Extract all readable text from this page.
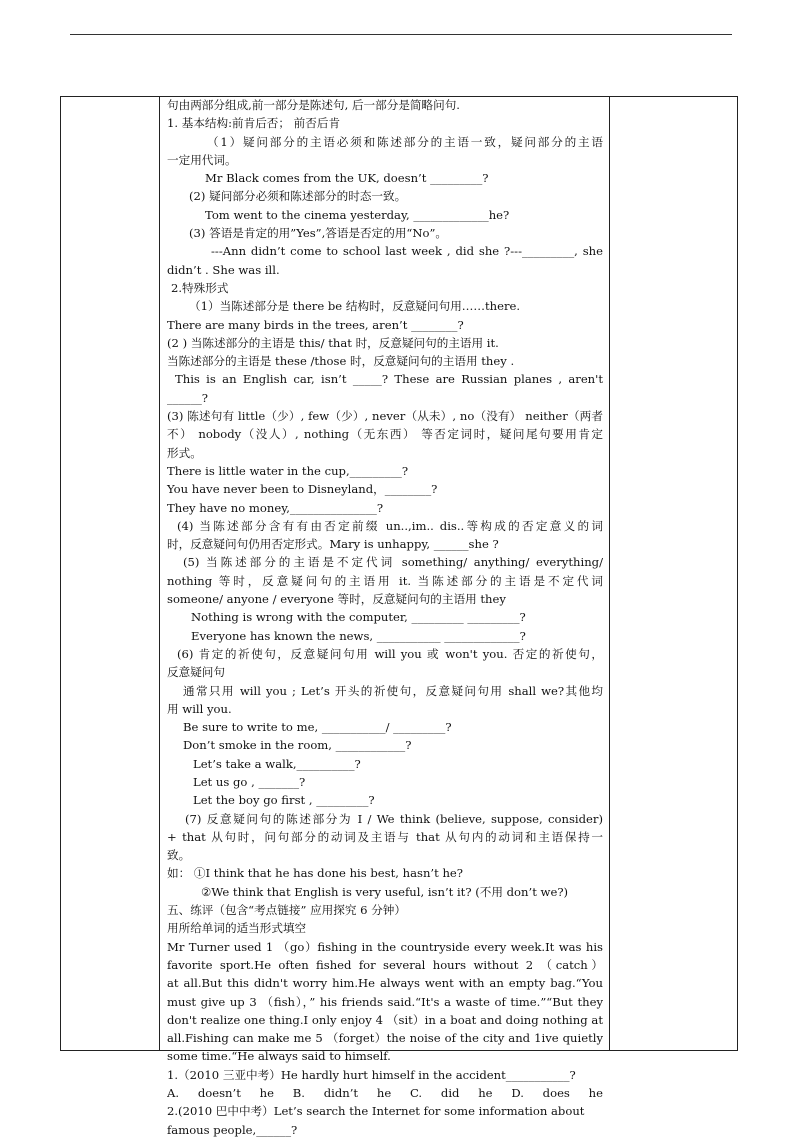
句由两部分组成,前一部分是陈述句, 后一部分是简略问句.
1. 基本结构:前肯后否； 前否后肯
（1）疑问部分的主语必须和陈述部分的主语一致，疑问部分的主语
一定用代词。
Mr Black comes from the UK, doesn’t _________?
(2) 疑问部分必须和陈述部分的时态一致。
Tom went to the cinema yesterday, _____________he?
(3) 答语是肯定的用”Yes”,答语是否定的用“No”。
---Ann didn’t come to school last week , did she ?---_________, she
didn’t . She was ill.
2.特殊形式
（1）当陈述部分是 there be 结构时，反意疑问句用……there.
There are many birds in the trees, aren’t ________?
(2 ) 当陈述部分的主语是 this/ that 时，反意疑问句的主语用 it.
当陈述部分的主语是 these /those 时，反意疑问句的主语用 they .
This is an English car, isn’t _____? These are Russian planes , aren't
______?
(3) 陈述句有 little（少）, few（少）, never（从未）, no（没有） neither（两者
不） nobody（没人）, nothing（无东西） 等否定词时，疑问尾句要用肯定
形式。
There is little water in the cup,_________?
You have never been to Disneyland，________?
They have no money,_______________?
(4) 当陈述部分含有有由否定前缀 un..,im.. dis..等构成的否定意义的词
时，反意疑问句仍用否定形式。Mary is unhappy, ______she ?
(5) 当陈述部分的主语是不定代词 something/ anything/ everything/
nothing 等时，反意疑问句的主语用 it. 当陈述部分的主语是不定代词
someone/ anyone / everyone 等时，反意疑问句的主语用 they
Nothing is wrong with the computer, _________ _________?
Everyone has known the news, ___________ _____________?
(6) 肯定的祈使句，反意疑问句用 will you 或 won't you. 否定的祈使句，
反意疑问句
通常只用 will you ; Let’s 开头的祈使句，反意疑问句用 shall we?其他均
用 will you.
Be sure to write to me, ___________/ _________?
Don’t smoke in the room, ____________?
Let’s take a walk,__________?
Let us go , _______?
Let the boy go first , _________?
(7) 反意疑问句的陈述部分为 I / We think (believe, suppose, consider)
+ that 从句时，问句部分的动词及主语与 that 从句内的动词和主语保持一
致。
如： ①I think that he has done his best, hasn’t he?
②We think that English is very useful, isn’t it? (不用 don’t we?)
五、练评（包含“考点链接” 应用探究 6 分钟）
用所给单词的适当形式填空
Mr Turner used 1 （go）fishing in the countryside every week.It was his
favorite sport.He often fished for several hours without 2 （catch）
at all.But this didn't worry him.He always went with an empty bag.“You
must give up 3 （fish），” his friends said.“It's a waste of time.”“But they
don't realize one thing.I only enjoy 4 （sit）in a boat and doing nothing at
all.Fishing can make me 5 （forget）the noise of the city and 1ive quietly
some time.“He always said to himself.
1.（2010 三亚中考）He hardly hurt himself in the accident___________?
A. doesn’t he B. didn’t he C. did he D. does he
2.(2010 巴中中考）Let’s search the Internet for some information about
famous people,______?
